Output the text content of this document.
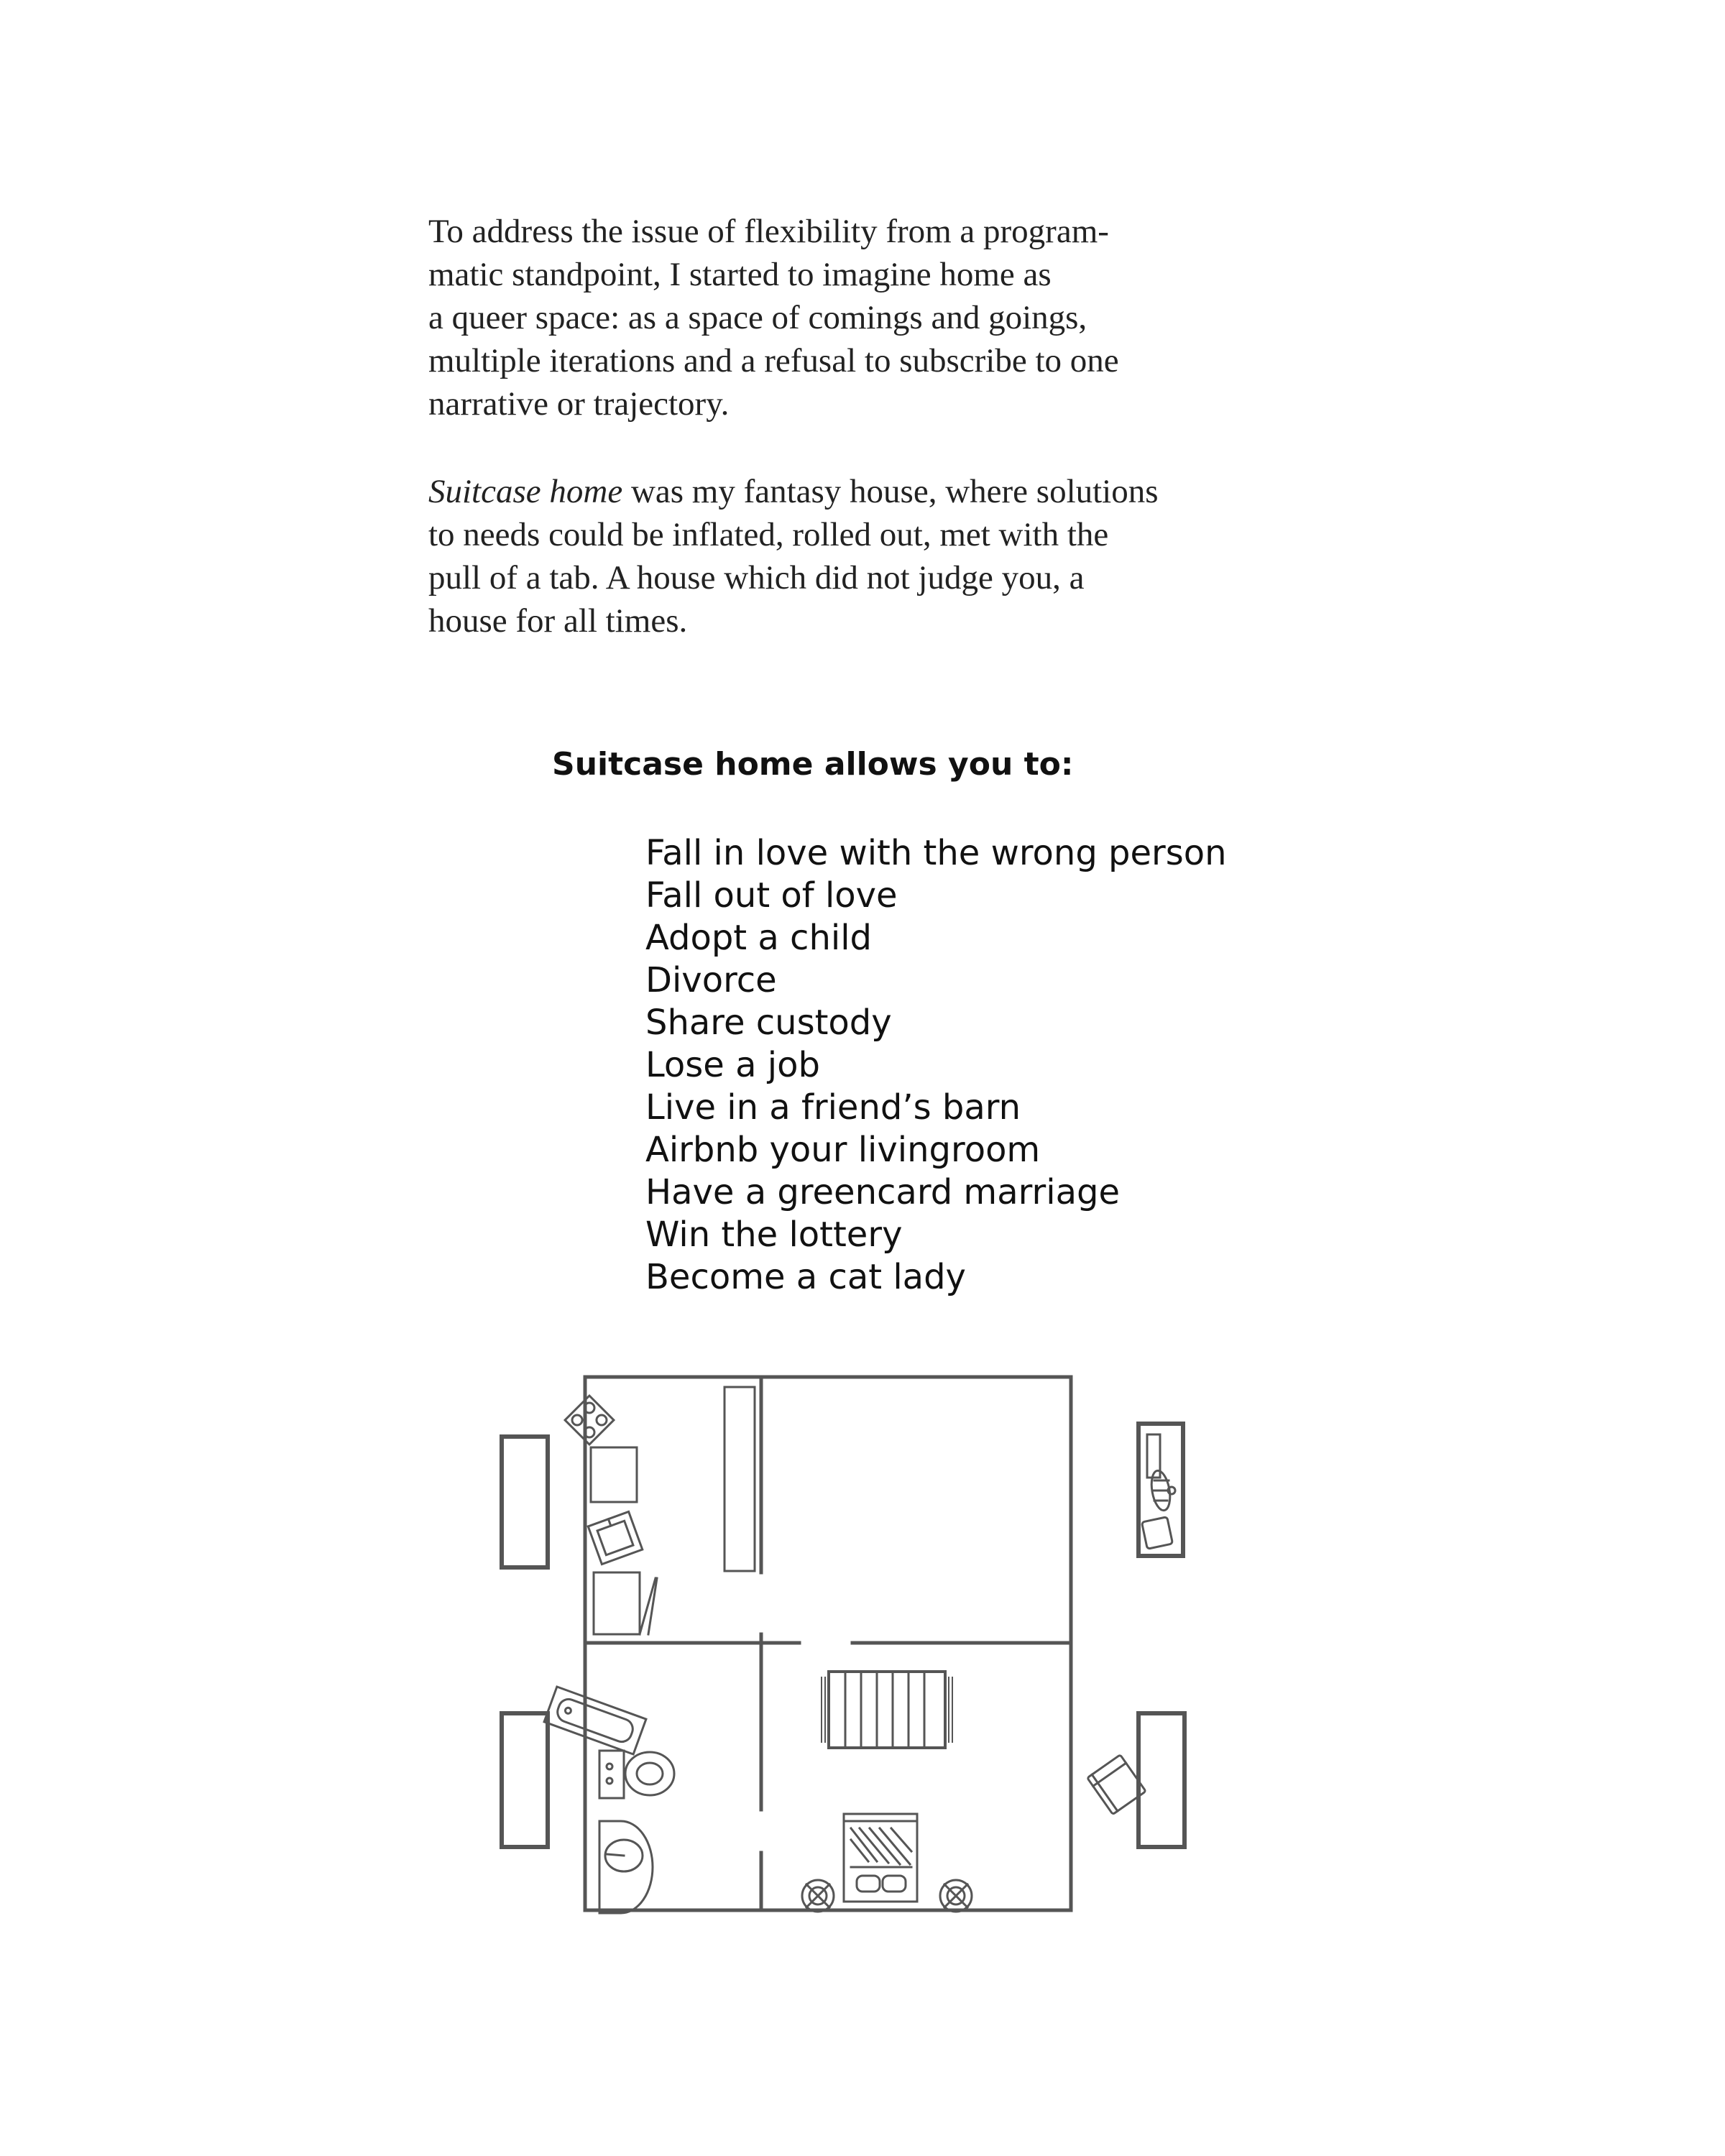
To address the issue of flexibility from a program-
matic standpoint, I started to imagine home as
a queer space: as a space of comings and goings,
multiple iterations and a refusal to subscribe to one
narrative or trajectory.

Suitcase home was my fantasy house, where solutions
to needs could be inflated, rolled out, met with the
pull of a tab. A house which did not judge you, a
house for all times.

Suitcase home allows you to:
Fall in love with the wrong person
Fall out of love
Adopt a child
Divorce
Share custody
Lose a job
Live in a friend’s barn
Airbnb your livingroom
Have a greencard marriage
Win the lottery
Become a cat lady
